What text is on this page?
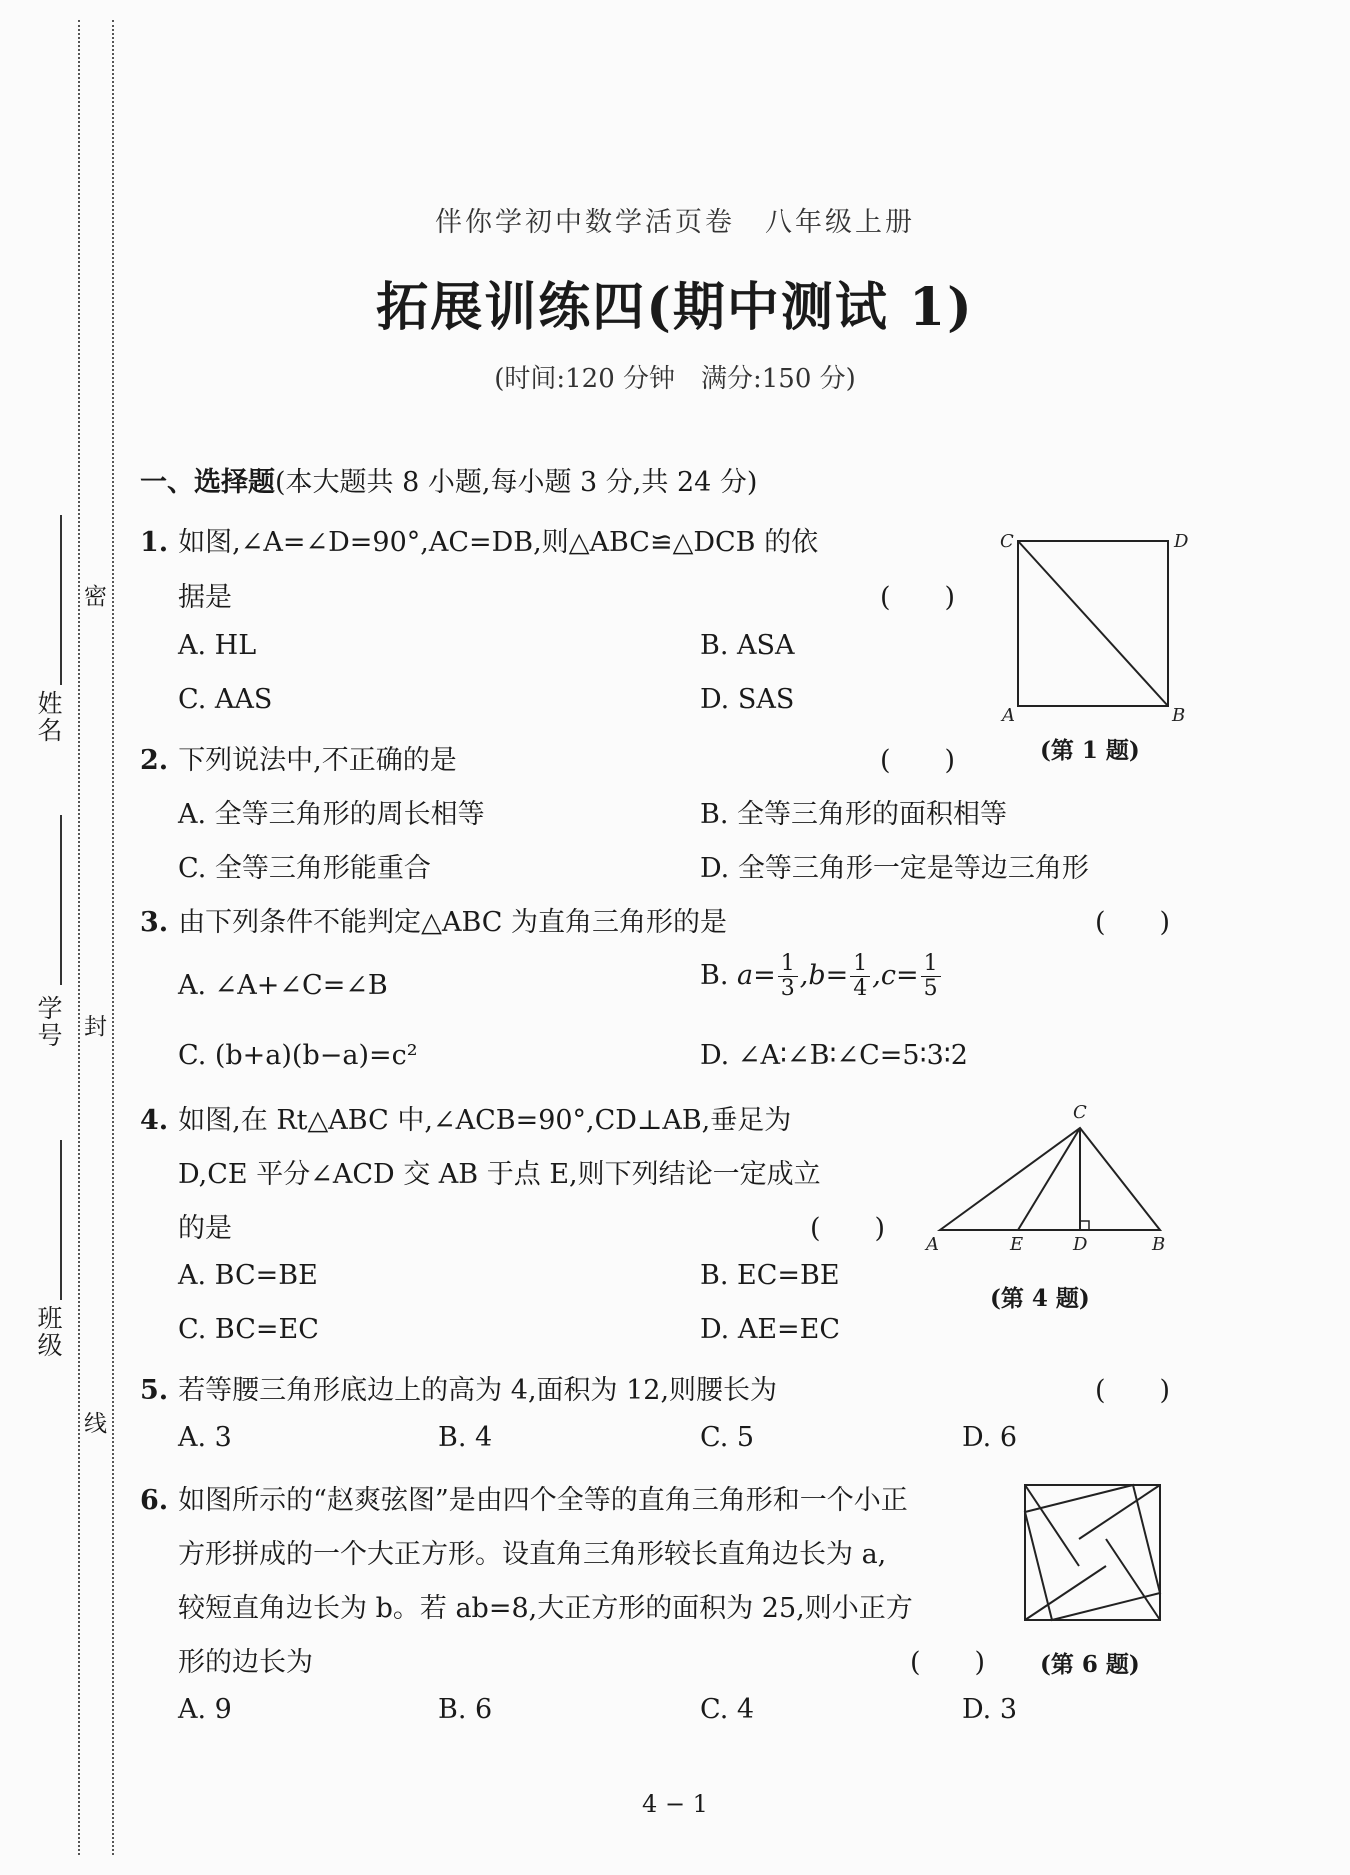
姓名
学号
班级
密
封
线
伴你学初中数学活页卷　八年级上册
拓展训练四(期中测试 1)
(时间:120 分钟　满分:150 分)
一、选择题(本大题共 8 小题,每小题 3 分,共 24 分)
1. 如图,∠A=∠D=90°,AC=DB,则△ABC≌△DCB 的依
据是	(　　)
A. HL	B. ASA
C. AAS	D. SAS
C	D
A	B
(第 1 题)
2. 下列说法中,不正确的是	(　　)
A. 全等三角形的周长相等	B. 全等三角形的面积相等
C. 全等三角形能重合	D. 全等三角形一定是等边三角形
3. 由下列条件不能判定△ABC 为直角三角形的是	(　　)
A. ∠A+∠C=∠B	B. $a= \frac{1}{3} ,b= \frac{1}{4} ,c= \frac{1}{5}$
C. (b+a)(b−a)=c²	D. ∠A∶∠B∶∠C=5∶3∶2
4. 如图,在 Rt△ABC 中,∠ACB=90°,CD⊥AB,垂足为
D,CE 平分∠ACD 交 AB 于点 E,则下列结论一定成立
的是	(　　)
A. BC=BE	B. EC=BE
C. BC=EC	D. AE=EC
C
A	E	D	B
(第 4 题)
5. 若等腰三角形底边上的高为 4,面积为 12,则腰长为	(　　)
A. 3	B. 4	C. 5	D. 6
6. 如图所示的“赵爽弦图”是由四个全等的直角三角形和一个小正
方形拼成的一个大正方形。设直角三角形较长直角边长为 a,
较短直角边长为 b。若 ab=8,大正方形的面积为 25,则小正方
形的边长为	(　　)
A. 9	B. 6	C. 4	D. 3
(第 6 题)
4 − 1
